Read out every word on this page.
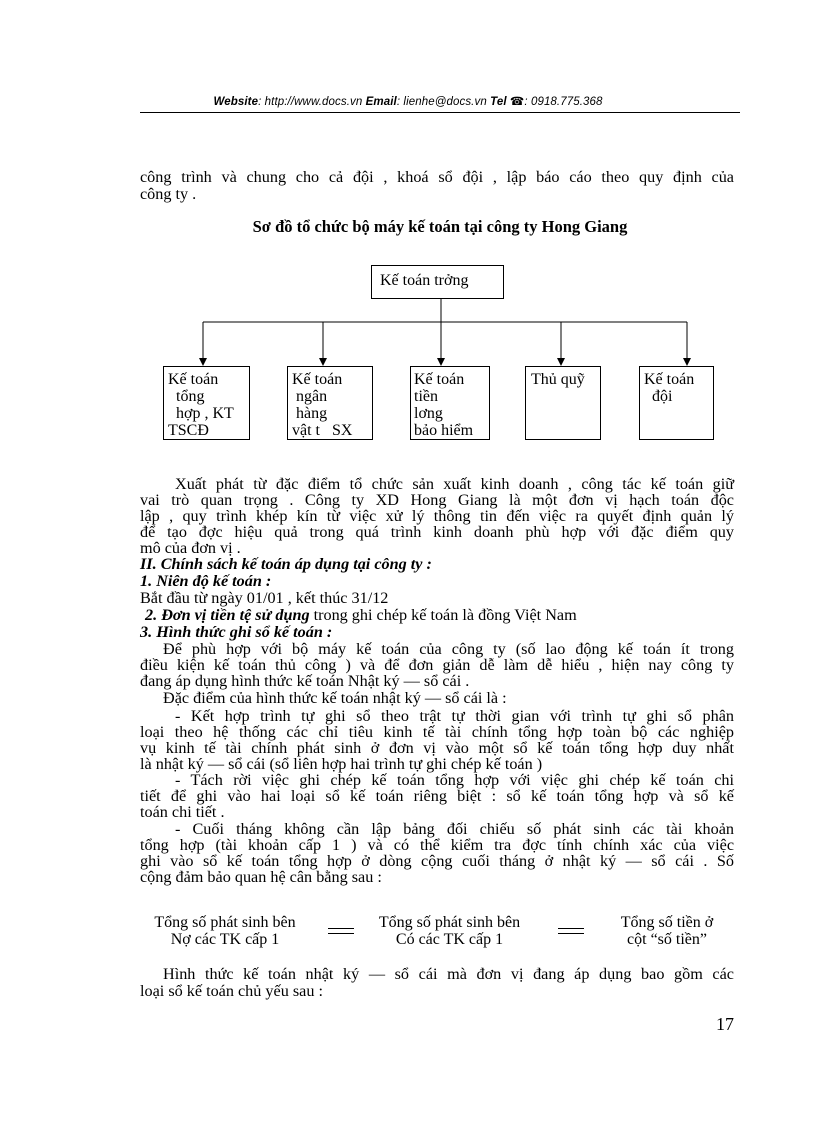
Website: http://www.docs.vn Email: lienhe@docs.vn Tel ☎: 0918.775.368
công trình và chung cho cả đội , khoá sổ đội , lập báo cáo theo quy định của
công ty .
Sơ đồ tổ chức bộ máy kế toán tại công ty Hong Giang
Kế toán trởng
Kế toán
tổng
hợp , KT
TSCĐ
Kế toán
ngân
hàng
vật t   SX
Kế toán
tiền
lơng
bảo hiểm
Thủ quỹ	Kế toán
đội
Xuất phát từ đặc điểm tổ chức sản xuất kinh doanh , công tác kế toán giữ
vai trò quan trọng . Công ty XD Hong Giang là một đơn vị hạch toán độc
lập , quy trình khép kín từ việc xử lý thông tin đến việc ra quyết định quản lý
để tạo đợc hiệu quả trong quá trình kinh doanh phù hợp với đặc điểm quy
mô của đơn vị .
II. Chính sách kế toán áp dụng tại công ty :
1. Niên độ kế toán :
Bắt đầu từ ngày 01/01 , kết thúc 31/12
2. Đơn vị tiền tệ sử dụng trong ghi chép kế toán là đồng Việt Nam
3. Hình thức ghi sổ kế toán :
Để phù hợp với bộ máy kế toán của công ty (số lao động kế toán ít trong
điều kiện kế toán thủ công ) và để đơn giản dễ làm dễ hiểu , hiện nay công ty
đang áp dụng hình thức kế toán Nhật ký — sổ cái .
Đặc điểm của hình thức kế toán nhật ký — sổ cái là :
- Kết hợp trình tự ghi sổ theo trật tự thời gian với trình tự ghi sổ phân
loại theo hệ thống các chỉ tiêu kinh tế tài chính tổng hợp toàn bộ các nghiệp
vụ kinh tế tài chính phát sinh ở đơn vị vào một sổ kế toán tổng hợp duy nhất
là nhật ký — sổ cái (sổ liên hợp hai trình tự ghi chép kế toán )
- Tách rời việc ghi chép kế toán tổng hợp với việc ghi chép kế toán chi
tiết để ghi vào hai loại sổ kế toán riêng biệt : sổ kế toán tổng hợp và sổ kế
toán chi tiết .
- Cuối tháng không cần lập bảng đối chiếu số phát sinh các tài khoản
tổng hợp (tài khoản cấp 1 ) và có thể kiểm tra đợc tính chính xác của việc
ghi vào sổ kế toán tổng hợp ở dòng cộng cuối tháng ở nhật ký — sổ cái . Số
cộng đảm bảo quan hệ cân bằng sau :
Tổng số phát sinh bên
Nợ các TK cấp 1
Tổng số phát sinh bên
Có các TK cấp 1
Tổng số tiền ở
cột “số tiền”
Hình thức kế toán nhật ký — sổ cái mà đơn vị đang áp dụng bao gồm các
loại sổ kế toán chủ yếu sau :
17
